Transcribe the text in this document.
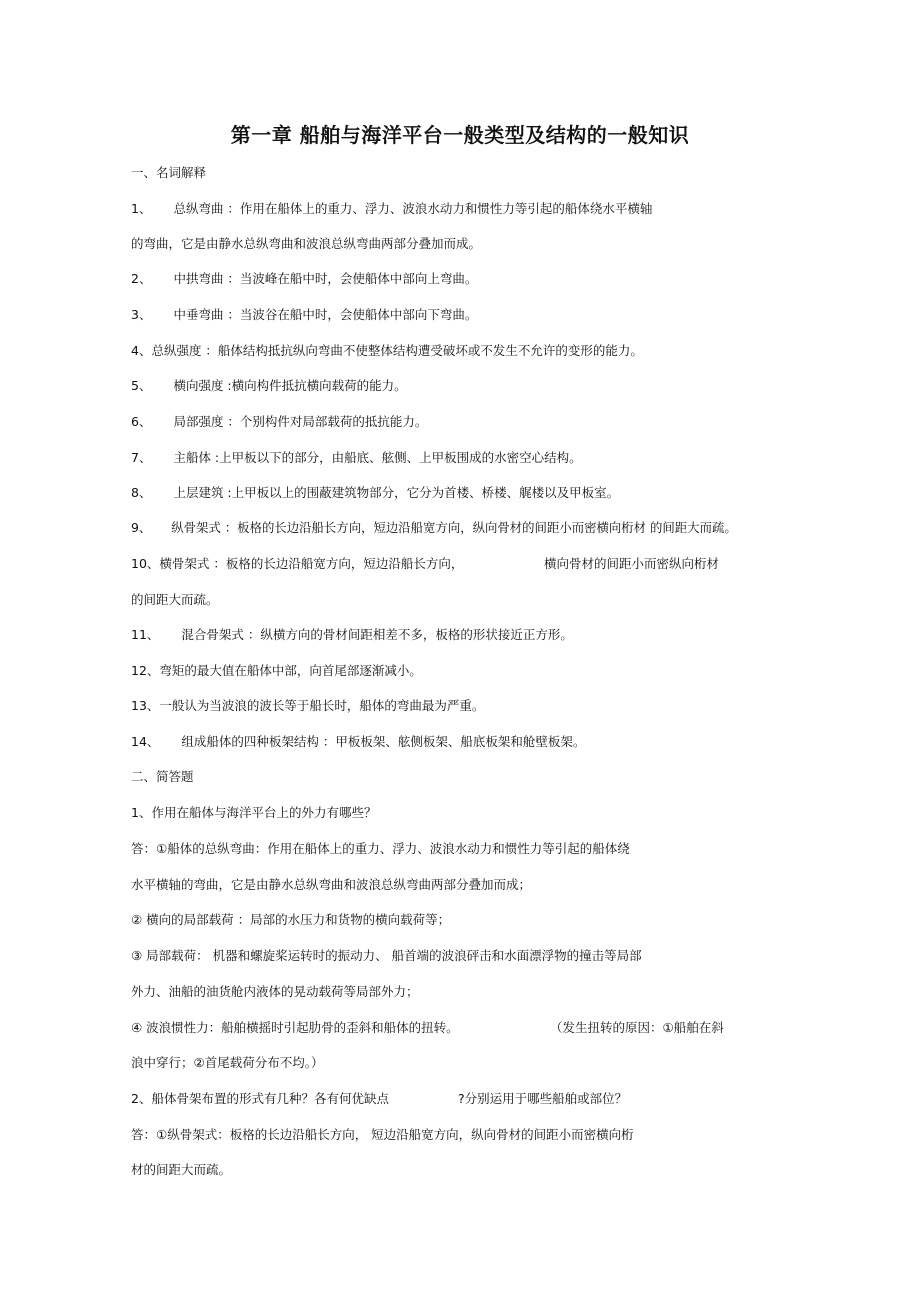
第一章 船舶与海洋平台一般类型及结构的一般知识
一、名词解释
1、 总纵弯曲 ：作用在船体上的重力、浮力、波浪水动力和惯性力等引起的船体绕水平横轴
的弯曲，它是由静水总纵弯曲和波浪总纵弯曲两部分叠加而成。
2、 中拱弯曲 ：当波峰在船中时，会使船体中部向上弯曲。
3、 中垂弯曲 ：当波谷在船中时，会使船体中部向下弯曲。
4、总纵强度 ：船体结构抵抗纵向弯曲不使整体结构遭受破坏或不发生不允许的变形的能力。
5、 横向强度 :横向构件抵抗横向载荷的能力。
6、 局部强度 ：个别构件对局部载荷的抵抗能力。
7、 主船体 :上甲板以下的部分，由船底、舷侧、上甲板围成的水密空心结构。
8、 上层建筑 :上甲板以上的围蔽建筑物部分，它分为首楼、桥楼、艉楼以及甲板室。
9、 纵骨架式 ：板格的长边沿船长方向，短边沿船宽方向，纵向骨材的间距小而密横向桁材 的间距大而疏。
10、横骨架式 ：板格的长边沿船宽方向，短边沿船长方向，	横向骨材的间距小而密纵向桁材
的间距大而疏。
11、 混合骨架式 ：纵横方向的骨材间距相差不多，板格的形状接近正方形。
12、弯矩的最大值在船体中部，向首尾部逐渐减小。
13、一般认为当波浪的波长等于船长时，船体的弯曲最为严重。
14、 组成船体的四种板架结构 ：甲板板架、舷侧板架、船底板架和舱壁板架。
二、简答题
1、作用在船体与海洋平台上的外力有哪些？
答：①船体的总纵弯曲：作用在船体上的重力、浮力、波浪水动力和惯性力等引起的船体绕
水平横轴的弯曲，它是由静水总纵弯曲和波浪总纵弯曲两部分叠加而成；
② 横向的局部载荷 ：局部的水压力和货物的横向载荷等；
③ 局部载荷： 机器和螺旋桨运转时的振动力、 船首端的波浪砰击和水面漂浮物的撞击等局部
外力、油船的油货舱内液体的晃动载荷等局部外力；
④ 波浪惯性力：船舶横摇时引起肋骨的歪斜和船体的扭转。	（发生扭转的原因：①船舶在斜
浪中穿行；②首尾载荷分布不均。）
2、船体骨架布置的形式有几种？各有何优缺点	?分别运用于哪些船舶或部位？
答：①纵骨架式：板格的长边沿船长方向， 短边沿船宽方向，纵向骨材的间距小而密横向桁
材的间距大而疏。
